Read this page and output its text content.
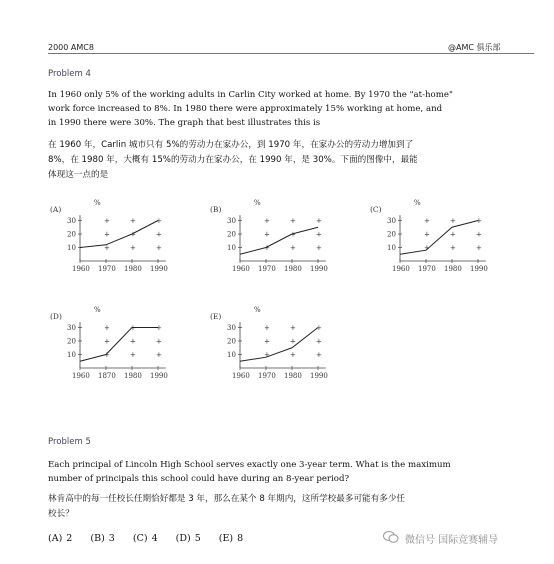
2000 AMC8	@AMC 俱乐部
Problem 4
In 1960 only 5% of the working adults in Carlin City worked at home. By 1970 the "at-home"
work force increased to 8%. In 1980 there were approximately 15% working at home, and
in 1990 there were 30%. The graph that best illustrates this is
在 1960 年，Carlin 城市只有 5%的劳动力在家办公，到 1970 年，在家办公的劳动力增加到了
8%，在 1980 年，大概有 15%的劳动力在家办公，在 1990 年，是 30%。下面的图像中，最能
体现这一点的是
(A)
%
10
20
30
1960 1970 1980 1990
+
+
+
+
+
+
+
+
+
(B)
%
10
20
30
1960 1970 1980 1990
+
+
+
+
+
+
+
+
+
(C)
%
10
20
30
1960 1970 1980 1990
+
+
+
+
+
+
+
+
+
(D)
%
10
20
30
1960 1870 1980 1990
+
+
+
+
+
+
+
+
+
(E)
%
10
20
30
1960 1970 1980 1990
+
+
+
+
+
+
+
+
+
Problem 5
Each principal of Lincoln High School serves exactly one 3-year term. What is the maximum
number of principals this school could have during an 8-year period?
林肯高中的每一任校长任期恰好都是 3 年，那么在某个 8 年期内，这所学校最多可能有多少任
校长？
(A) 2 (B) 3 (C) 4 (D) 5 (E) 8	微信号 国际竞赛辅导
